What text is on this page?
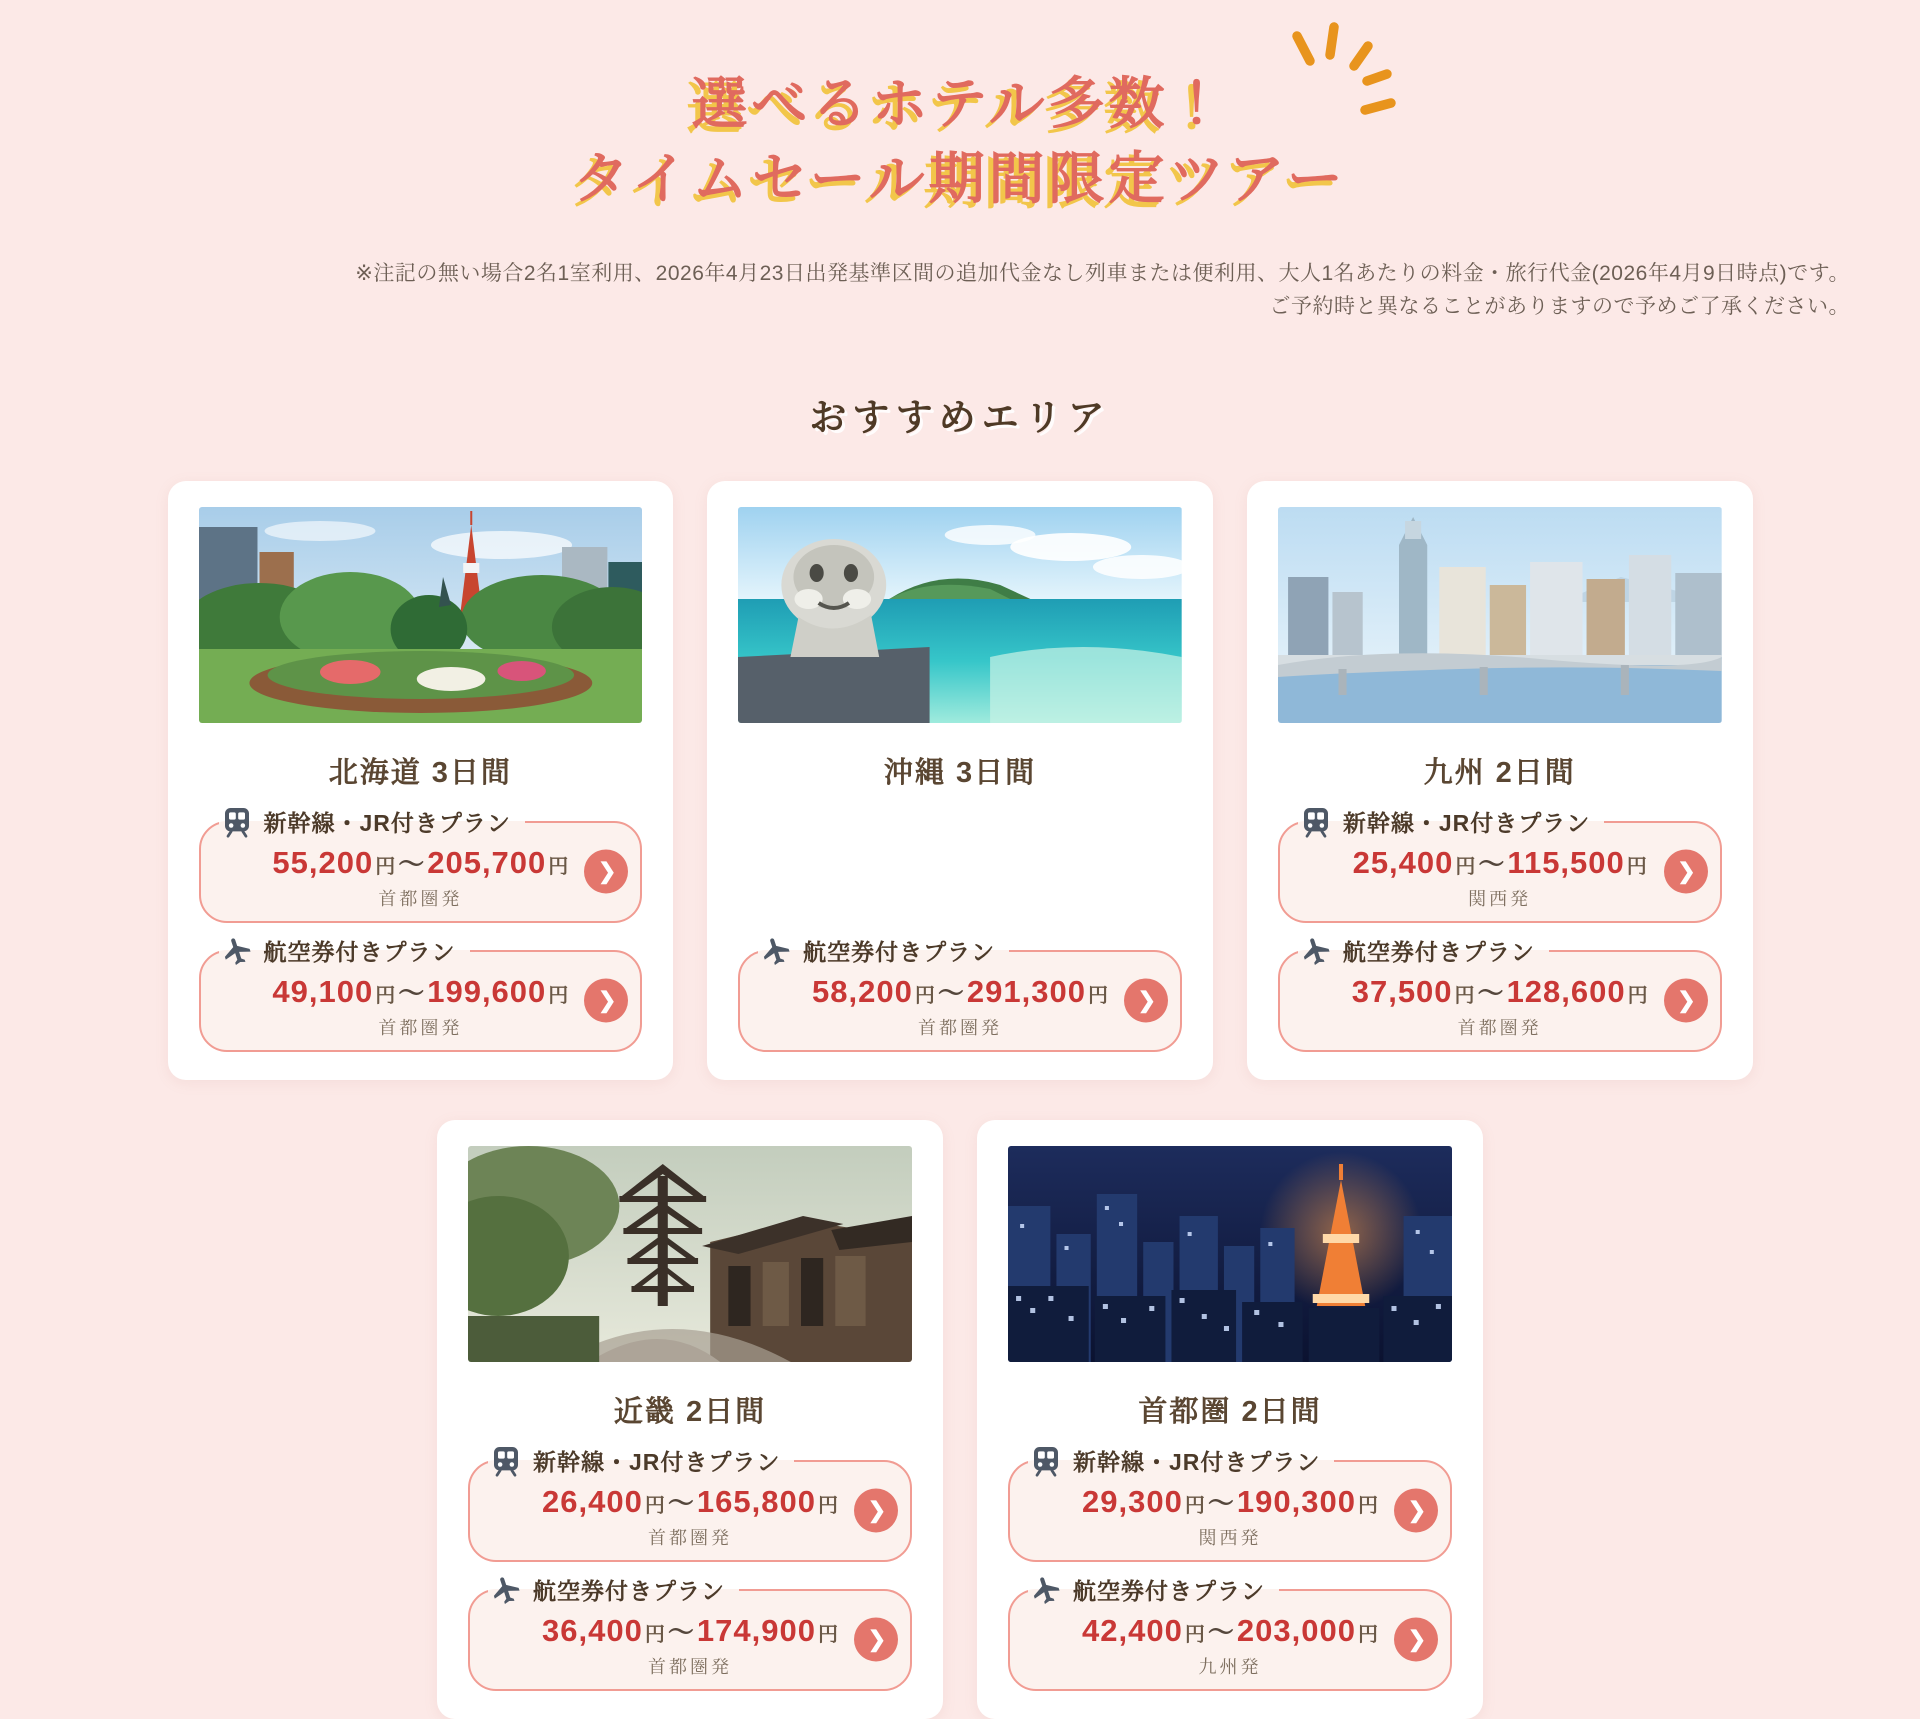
選べるホテル多数！
タイムセール期間限定ツアー

※注記の無い場合2名1室利用、2026年4月23日出発基準区間の追加代金なし列車または便利用、大人1名あたりの料金・旅行代金(2026年4月9日時点)です。
ご予約時と異なることがありますので予めご了承ください。

おすすめエリア
北海道 3日間
新幹線・JR付きプラン
55,200 円 ～205,700 円
首都圏発
❯
航空券付きプラン
49,100 円 ～199,600 円
首都圏発
❯
沖縄 3日間
航空券付きプラン
58,200 円 ～291,300 円
首都圏発
❯
九州 2日間
新幹線・JR付きプラン
25,400 円 ～115,500 円
関西発
❯
航空券付きプラン
37,500 円 ～128,600 円
首都圏発
❯
近畿 2日間
新幹線・JR付きプラン
26,400 円 ～165,800 円
首都圏発
❯
航空券付きプラン
36,400 円 ～174,900 円
首都圏発
❯
首都圏 2日間
新幹線・JR付きプラン
29,300 円 ～190,300 円
関西発
❯
航空券付きプラン
42,400 円 ～203,000 円
九州発
❯
